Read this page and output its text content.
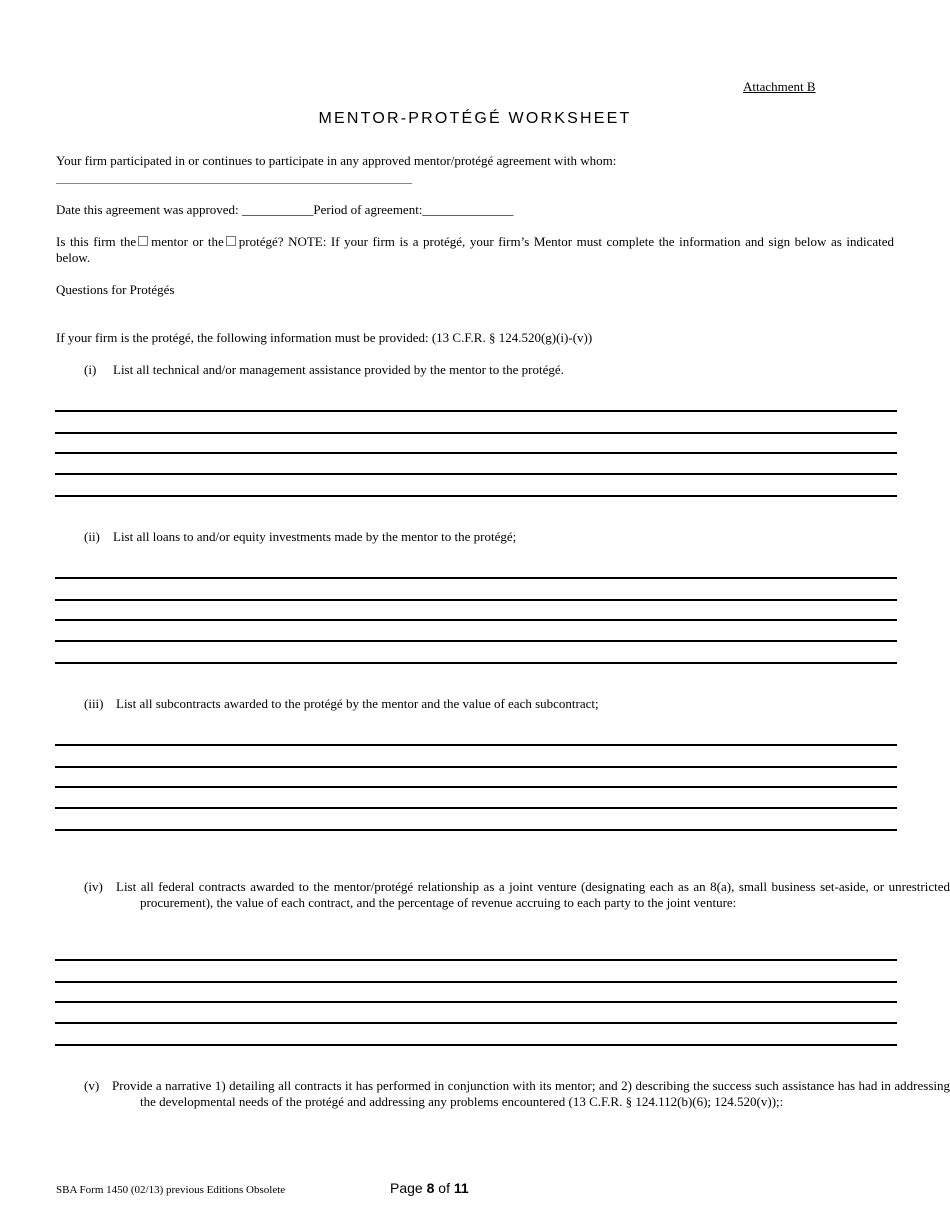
Attachment B
MENTOR-PROTÉGÉ WORKSHEET
Your firm participated in or continues to participate in any approved mentor/protégé agreement with whom:
Date this agreement was approved: ___________Period of agreement:______________
Is this firm the mentor or the protégé? NOTE: If your firm is a protégé, your firm’s Mentor must complete the information and sign below as indicated below.
Questions for Protégés
If your firm is the protégé, the following information must be provided: (13 C.F.R. § 124.520(g)(i)-(v))
(i) List all technical and/or management assistance provided by the mentor to the protégé.
(ii) List all loans to and/or equity investments made by the mentor to the protégé;
(iii) List all subcontracts awarded to the protégé by the mentor and the value of each subcontract;
(iv) List all federal contracts awarded to the mentor/protégé relationship as a joint venture (designating each as an 8(a), small business set-aside, or unrestricted procurement), the value of each contract, and the percentage of revenue accruing to each party to the joint venture:
(v) Provide a narrative 1) detailing all contracts it has performed in conjunction with its mentor; and 2) describing the success such assistance has had in addressing the developmental needs of the protégé and addressing any problems encountered (13 C.F.R. § 124.112(b)(6); 124.520(v));:
SBA Form 1450 (02/13) previous Editions Obsolete	Page 8 of 11
